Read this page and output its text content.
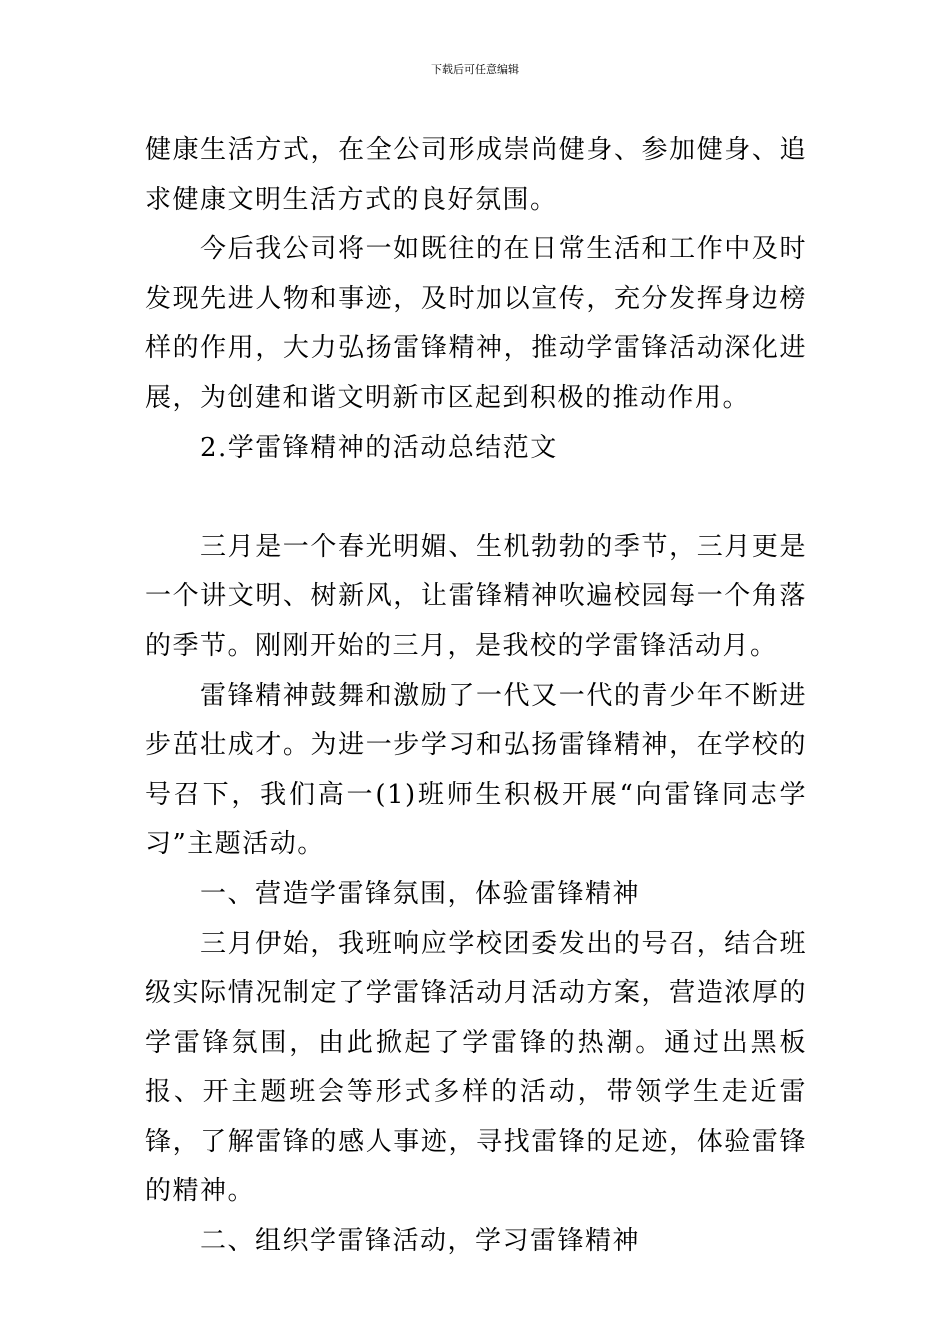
下载后可任意编辑

健康生活方式，在全公司形成崇尚健身、参加健身、追求健康文明生活方式的良好氛围。

今后我公司将一如既往的在日常生活和工作中及时发现先进人物和事迹，及时加以宣传，充分发挥身边榜样的作用，大力弘扬雷锋精神，推动学雷锋活动深化进展，为创建和谐文明新市区起到积极的推动作用。

2.学雷锋精神的活动总结范文

三月是一个春光明媚、生机勃勃的季节，三月更是一个讲文明、树新风，让雷锋精神吹遍校园每一个角落的季节。刚刚开始的三月，是我校的学雷锋活动月。

雷锋精神鼓舞和激励了一代又一代的青少年不断进步茁壮成才。为进一步学习和弘扬雷锋精神，在学校的号召下，我们高一(1)班师生积极开展“向雷锋同志学习”主题活动。

一、营造学雷锋氛围，体验雷锋精神

三月伊始，我班响应学校团委发出的号召，结合班级实际情况制定了学雷锋活动月活动方案，营造浓厚的学雷锋氛围，由此掀起了学雷锋的热潮。通过出黑板报、开主题班会等形式多样的活动，带领学生走近雷锋，了解雷锋的感人事迹，寻找雷锋的足迹，体验雷锋的精神。

二、组织学雷锋活动，学习雷锋精神
